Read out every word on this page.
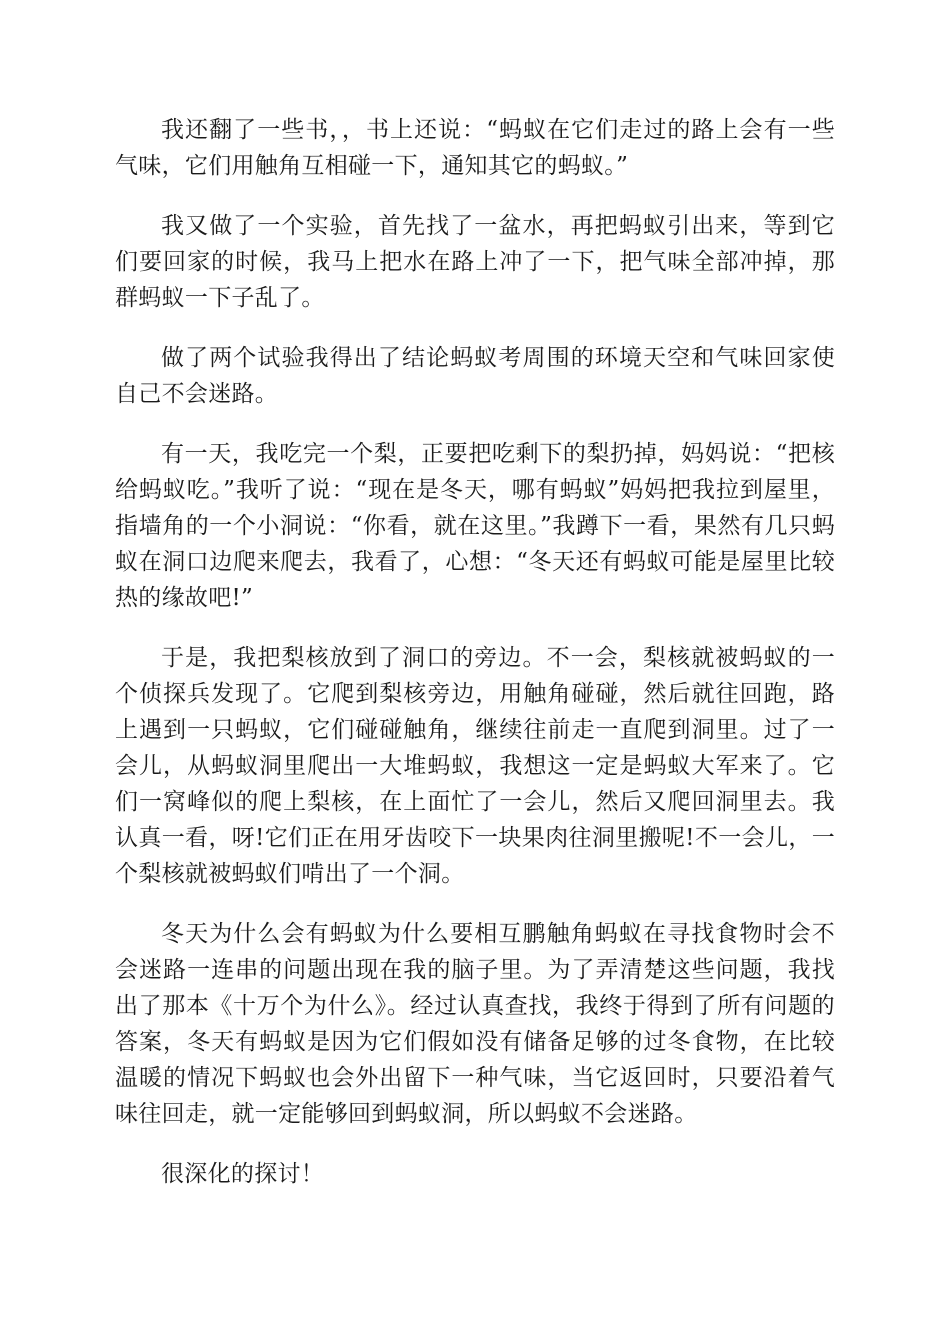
我还翻了一些书，，书上还说：“蚂蚁在它们走过的路上会有一些气味，它们用触角互相碰一下，通知其它的蚂蚁。”

我又做了一个实验，首先找了一盆水，再把蚂蚁引出来，等到它们要回家的时候，我马上把水在路上冲了一下，把气味全部冲掉，那群蚂蚁一下子乱了。

做了两个试验我得出了结论蚂蚁考周围的环境天空和气味回家使自己不会迷路。

有一天，我吃完一个梨，正要把吃剩下的梨扔掉，妈妈说：“把核给蚂蚁吃。”我听了说：“现在是冬天，哪有蚂蚁”妈妈把我拉到屋里，指墙角的一个小洞说：“你看，就在这里。”我蹲下一看，果然有几只蚂蚁在洞口边爬来爬去，我看了，心想：“冬天还有蚂蚁可能是屋里比较热的缘故吧!”

于是，我把梨核放到了洞口的旁边。不一会，梨核就被蚂蚁的一个侦探兵发现了。它爬到梨核旁边，用触角碰碰，然后就往回跑，路上遇到一只蚂蚁，它们碰碰触角，继续往前走一直爬到洞里。过了一会儿，从蚂蚁洞里爬出一大堆蚂蚁，我想这一定是蚂蚁大军来了。它们一窝峰似的爬上梨核，在上面忙了一会儿，然后又爬回洞里去。我认真一看，呀!它们正在用牙齿咬下一块果肉往洞里搬呢!不一会儿，一个梨核就被蚂蚁们啃出了一个洞。

冬天为什么会有蚂蚁为什么要相互鹏触角蚂蚁在寻找食物时会不会迷路一连串的问题出现在我的脑子里。为了弄清楚这些问题，我找出了那本《十万个为什么》。经过认真查找，我终于得到了所有问题的答案，冬天有蚂蚁是因为它们假如没有储备足够的过冬食物，在比较温暖的情况下蚂蚁也会外出留下一种气味，当它返回时，只要沿着气味往回走，就一定能够回到蚂蚁洞，所以蚂蚁不会迷路。

很深化的探讨！
